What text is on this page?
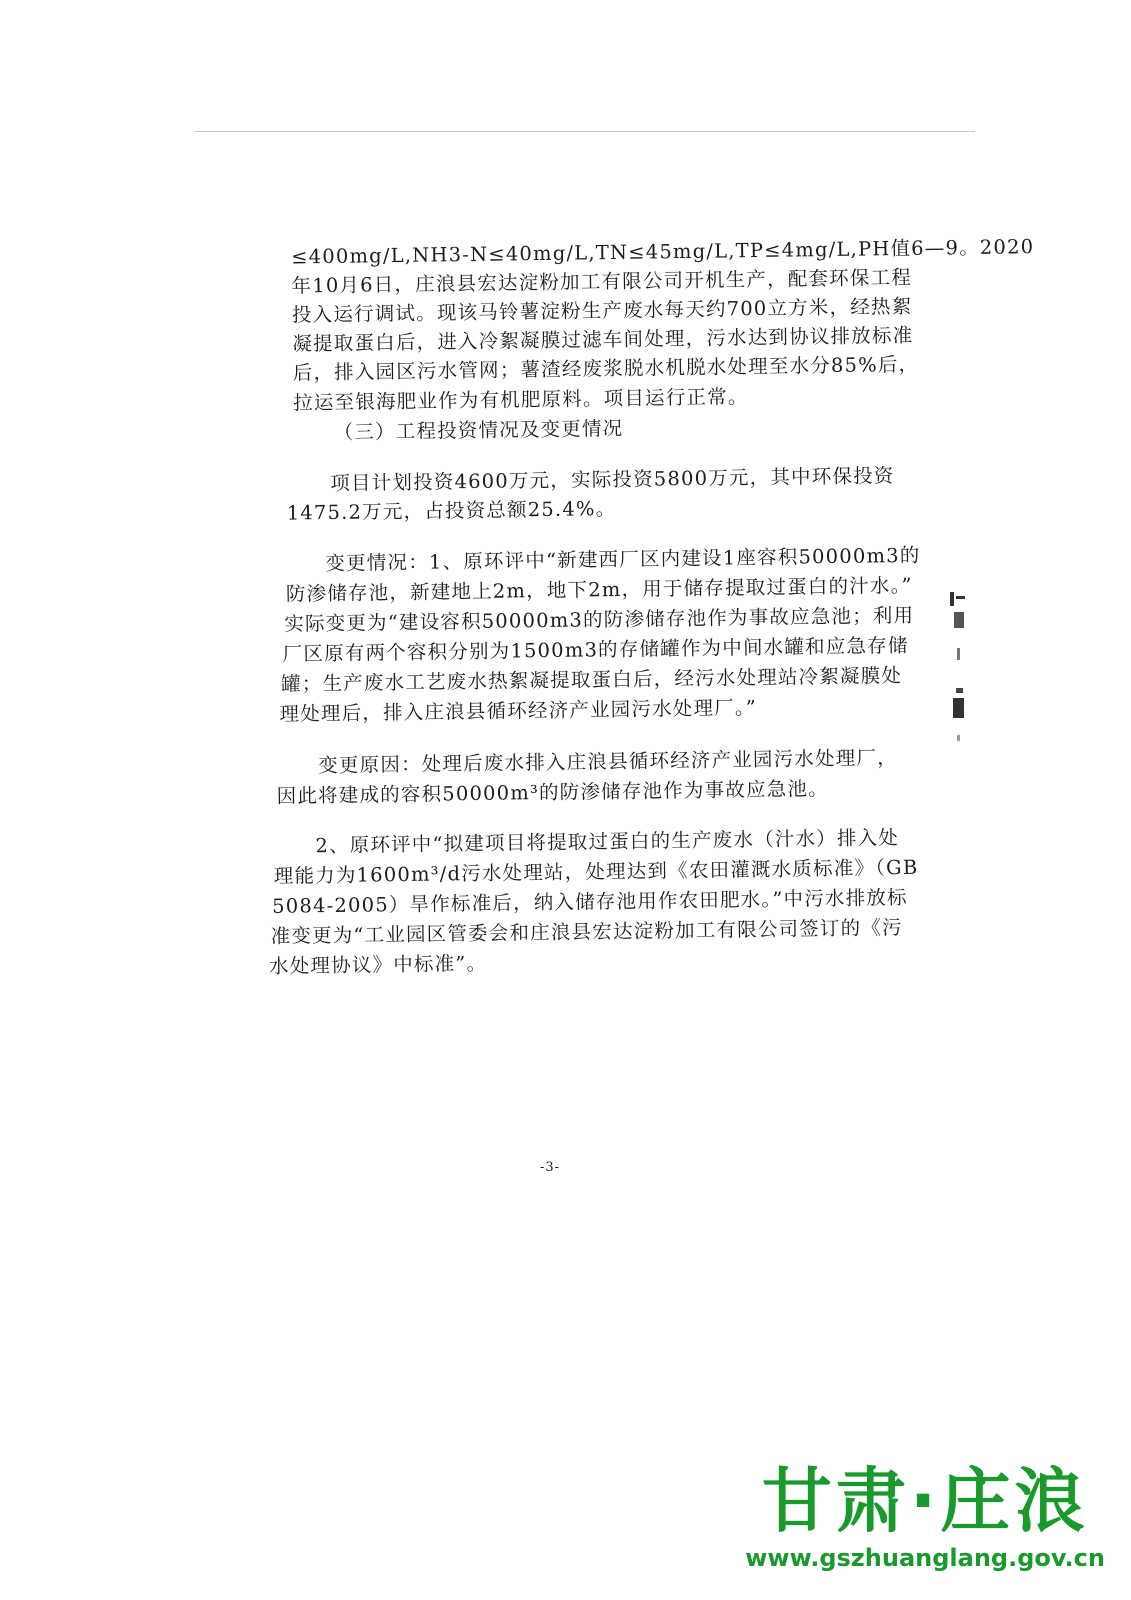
≤400mg/L,NH3-N≤40mg/L,TN≤45mg/L,TP≤4mg/L,PH值6—9。2020
年10月6日，庄浪县宏达淀粉加工有限公司开机生产，配套环保工程
投入运行调试。现该马铃薯淀粉生产废水每天约700立方米，经热絮
凝提取蛋白后，进入冷絮凝膜过滤车间处理，污水达到协议排放标准
后，排入园区污水管网；薯渣经废浆脱水机脱水处理至水分85%后，
拉运至银海肥业作为有机肥原料。项目运行正常。
（三）工程投资情况及变更情况
项目计划投资4600万元，实际投资5800万元，其中环保投资
1475.2万元，占投资总额25.4%。
变更情况：1、原环评中“新建西厂区内建设1座容积50000m3的
防渗储存池，新建地上2m，地下2m，用于储存提取过蛋白的汁水。”
实际变更为“建设容积50000m3的防渗储存池作为事故应急池；利用
厂区原有两个容积分别为1500m3的存储罐作为中间水罐和应急存储
罐；生产废水工艺废水热絮凝提取蛋白后，经污水处理站冷絮凝膜处
理处理后，排入庄浪县循环经济产业园污水处理厂。”
变更原因：处理后废水排入庄浪县循环经济产业园污水处理厂，
因此将建成的容积50000m³的防渗储存池作为事故应急池。
2、原环评中“拟建项目将提取过蛋白的生产废水（汁水）排入处
理能力为1600m³/d污水处理站，处理达到《农田灌溉水质标准》（GB
5084-2005）旱作标准后，纳入储存池用作农田肥水。”中污水排放标
准变更为“工业园区管委会和庄浪县宏达淀粉加工有限公司签订的《污
水处理协议》中标准”。
-3-
甘肃·庄浪
www.gszhuanglang.gov.cn
